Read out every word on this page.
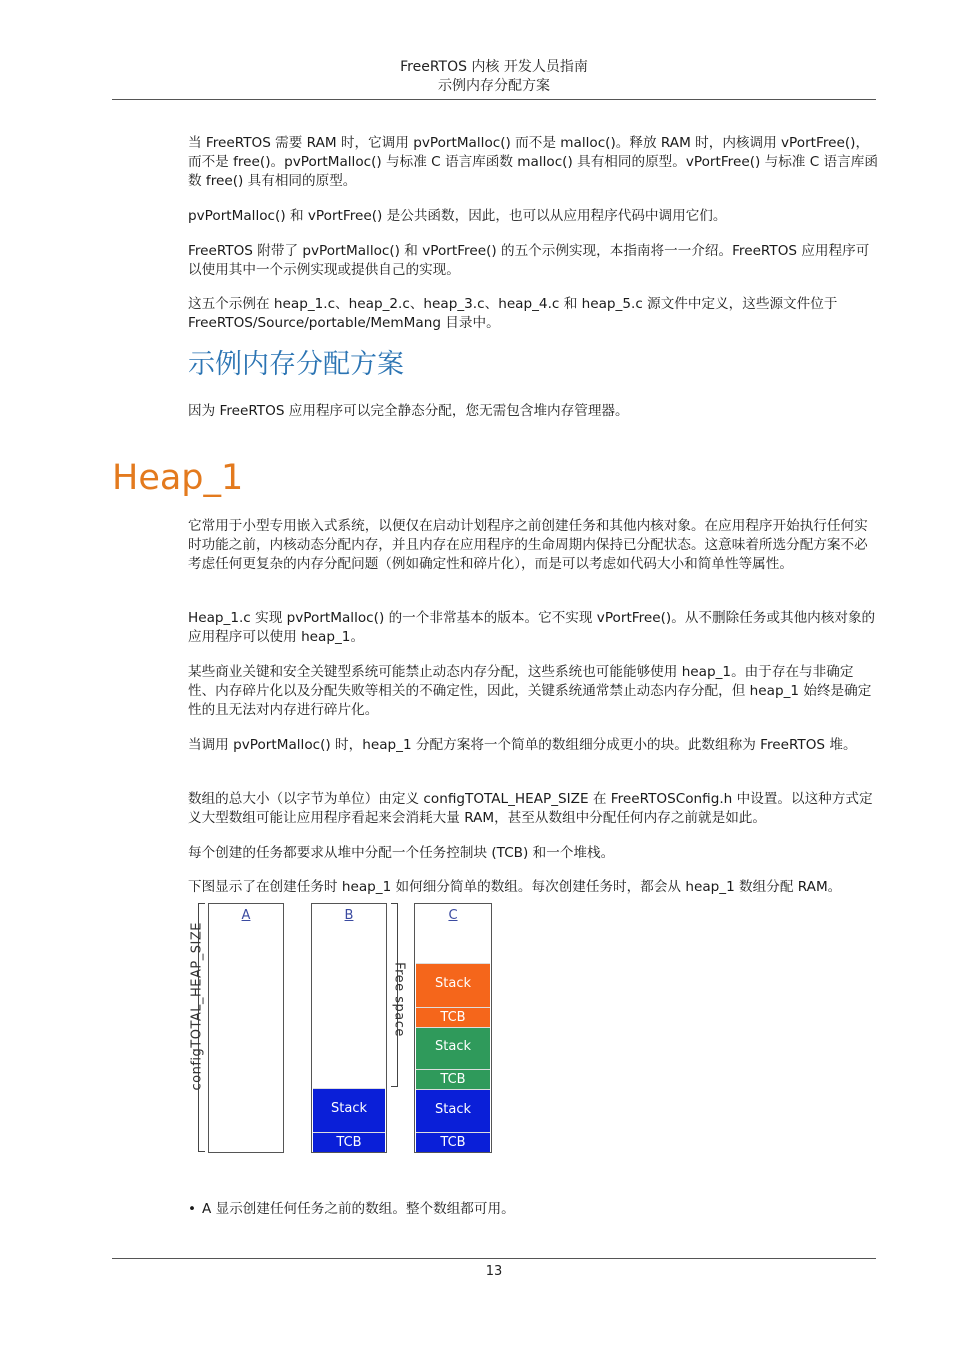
FreeRTOS 内核 开发人员指南
示例内存分配方案

当 FreeRTOS 需要 RAM 时，它调用 pvPortMalloc() 而不是 malloc()。释放 RAM 时，内核调用 vPortFree()，而不是 free()。pvPortMalloc() 与标准 C 语言库函数 malloc() 具有相同的原型。vPortFree() 与标准 C 语言库函数 free() 具有相同的原型。

pvPortMalloc() 和 vPortFree() 是公共函数，因此，也可以从应用程序代码中调用它们。

FreeRTOS 附带了 pvPortMalloc() 和 vPortFree() 的五个示例实现，本指南将一一介绍。FreeRTOS 应用程序可以使用其中一个示例实现或提供自己的实现。

这五个示例在 heap_1.c、heap_2.c、heap_3.c、heap_4.c 和 heap_5.c 源文件中定义，这些源文件位于 FreeRTOS/Source/portable/MemMang 目录中。

示例内存分配方案

因为 FreeRTOS 应用程序可以完全静态分配，您无需包含堆内存管理器。

Heap_1

它常用于小型专用嵌入式系统，以便仅在启动计划程序之前创建任务和其他内核对象。在应用程序开始执行任何实时功能之前，内核动态分配内存，并且内存在应用程序的生命周期内保持已分配状态。这意味着所选分配方案不必考虑任何更复杂的内存分配问题（例如确定性和碎片化），而是可以考虑如代码大小和简单性等属性。

Heap_1.c 实现 pvPortMalloc() 的一个非常基本的版本。它不实现 vPortFree()。从不删除任务或其他内核对象的应用程序可以使用 heap_1。

某些商业关键和安全关键型系统可能禁止动态内存分配，这些系统也可能能够使用 heap_1。由于存在与非确定性、内存碎片化以及分配失败等相关的不确定性，因此，关键系统通常禁止动态内存分配，但 heap_1 始终是确定性的且无法对内存进行碎片化。

当调用 pvPortMalloc() 时，heap_1 分配方案将一个简单的数组细分成更小的块。此数组称为 FreeRTOS 堆。

数组的总大小（以字节为单位）由定义 configTOTAL_HEAP_SIZE 在 FreeRTOSConfig.h 中设置。以这种方式定义大型数组可能让应用程序看起来会消耗大量 RAM，甚至从数组中分配任何内存之前就是如此。

每个创建的任务都要求从堆中分配一个任务控制块 (TCB) 和一个堆栈。

下图显示了在创建任务时 heap_1 如何细分简单的数组。每次创建任务时，都会从 heap_1 数组分配 RAM。

configTOTAL_HEAP_SIZE
A	B
Stack
TCB
Free space
C
Stack
TCB
Stack
TCB
Stack
TCB
• A 显示创建任何任务之前的数组。整个数组都可用。
13
